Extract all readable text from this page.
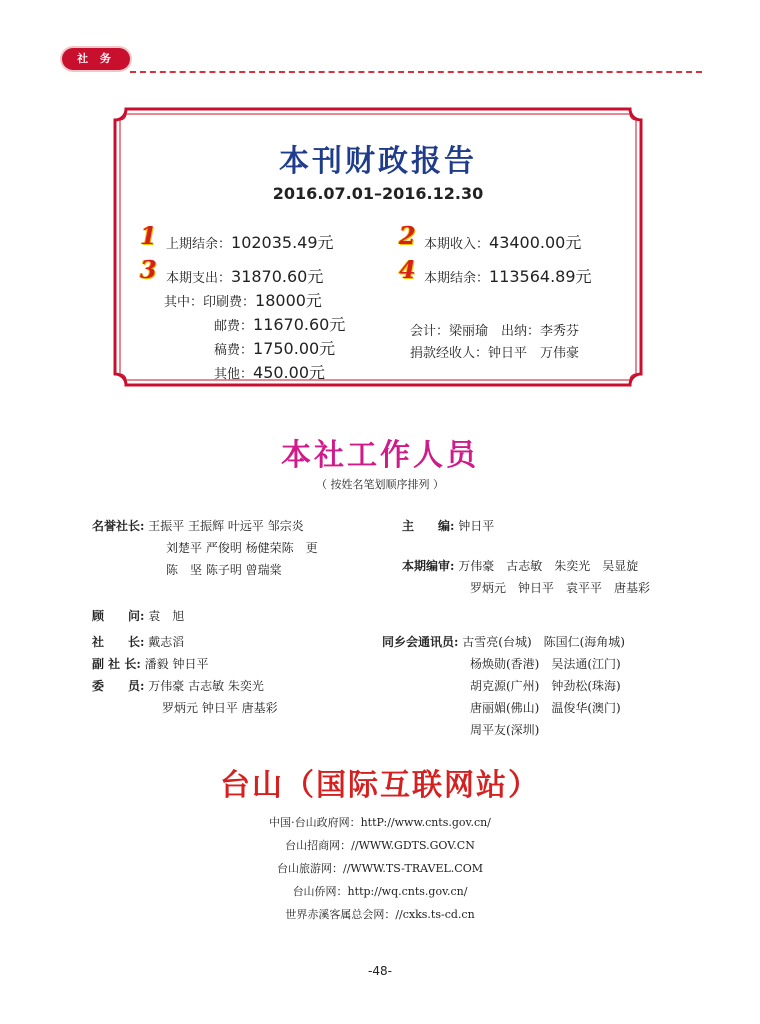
社 务
本刊财政报告
2016.07.01–2016.12.30
1 上期结余：102035.49元	2 本期收入：43400.00元
3 本期支出：31870.60元	4 本期结余：113564.89元
其中：印刷费：18000元
邮费：11670.60元
稿费：1750.00元
其他：450.00元
会计：梁丽瑜　出纳：李秀芬
捐款经收人：钟日平　万伟豪
本社工作人员
（ 按姓名笔划顺序排列 ）
名誉社长: 王振平 王振辉 叶远平 邹宗炎
刘楚平 严俊明 杨健荣陈　更
陈　坚 陈子明 曾瑞棠
顾　　问: 袁　旭
社　　长: 戴志滔
副 社 长: 潘毅 钟日平
委　　员: 万伟豪 古志敏 朱奕光
罗炳元 钟日平 唐基彩
主　　编: 钟日平
本期编审: 万伟豪　古志敏　朱奕光　吴显旋
罗炳元　钟日平　袁平平　唐基彩
同乡会通讯员: 古雪亮(台城)　陈国仁(海角城)
杨焕勋(香港)　吴法通(江门)
胡克源(广州)　钟劲松(珠海)
唐丽媚(佛山)　温俊华(澳门)
周平友(深圳)
台山（国际互联网站）
中国·台山政府网：httP://www.cnts.gov.cn/
台山招商网：//WWW.GDTS.GOV.CN
台山旅游网：//WWW.TS-TRAVEL.COM
台山侨网：http://wq.cnts.gov.cn/
世界赤溪客属总会网：//cxks.ts-cd.cn
-48-
